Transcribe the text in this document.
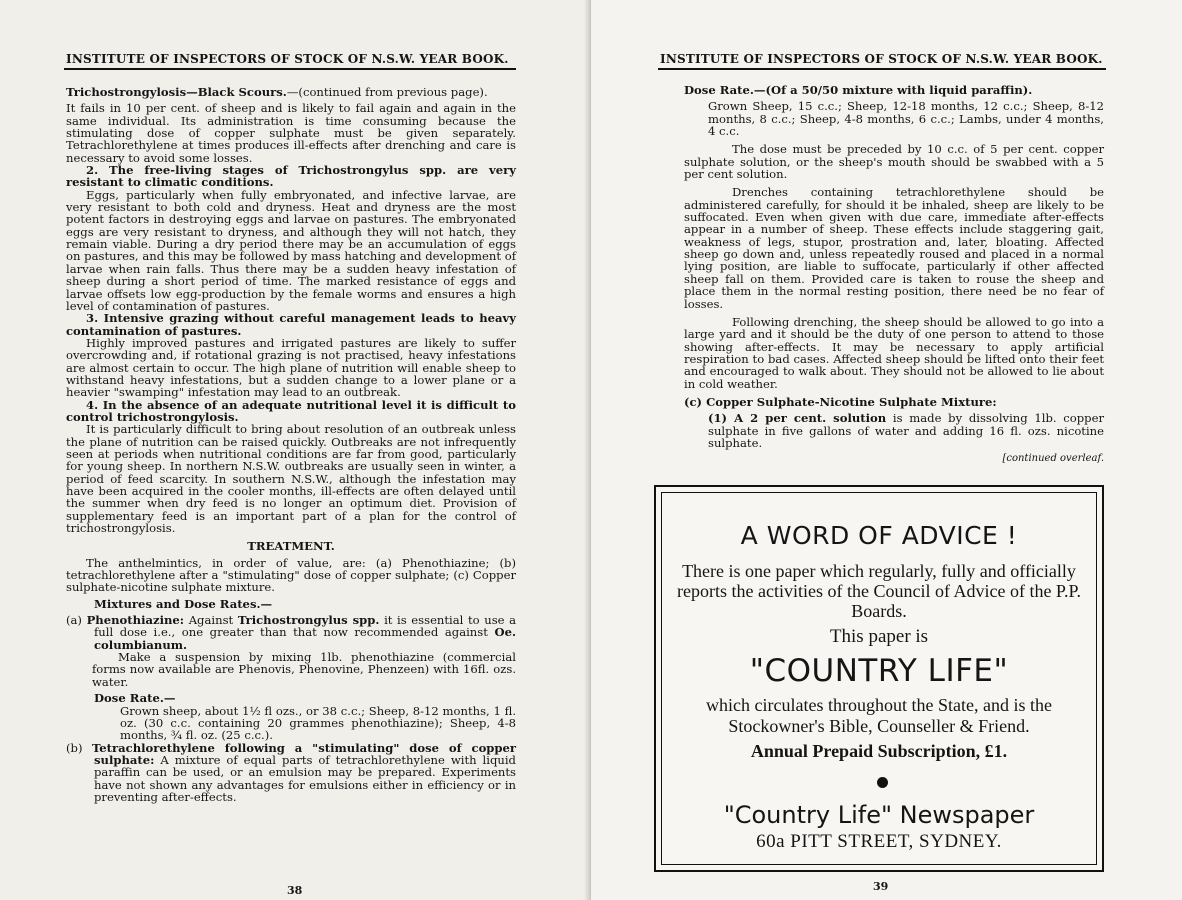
INSTITUTE OF INSPECTORS OF STOCK OF N.S.W. YEAR BOOK.

Trichostrongylosis—Black Scours.—(continued from previous page).

It fails in 10 per cent. of sheep and is likely to fail again and again in the same individual. Its administration is time consuming because the stimulating dose of copper sulphate must be given separately. Tetrachlorethylene at times produces ill-effects after drenching and care is necessary to avoid some losses.

2. The free-living stages of Trichostrongylus spp. are very resistant to climatic conditions.

Eggs, particularly when fully embryonated, and infective larvae, are very resistant to both cold and dryness. Heat and dryness are the most potent factors in destroying eggs and larvae on pastures. The embryonated eggs are very resistant to dryness, and although they will not hatch, they remain viable. During a dry period there may be an accumulation of eggs on pastures, and this may be followed by mass hatching and development of larvae when rain falls. Thus there may be a sudden heavy infestation of sheep during a short period of time. The marked resistance of eggs and larvae offsets low egg-production by the female worms and ensures a high level of contamination of pastures.

3. Intensive grazing without careful management leads to heavy contamination of pastures.

Highly improved pastures and irrigated pastures are likely to suffer overcrowding and, if rotational grazing is not practised, heavy infestations are almost certain to occur. The high plane of nutrition will enable sheep to withstand heavy infestations, but a sudden change to a lower plane or a heavier "swamping" infestation may lead to an outbreak.

4. In the absence of an adequate nutritional level it is difficult to control trichostrongylosis.

It is particularly difficult to bring about resolution of an outbreak unless the plane of nutrition can be raised quickly. Outbreaks are not infrequently seen at periods when nutritional conditions are far from good, particularly for young sheep. In northern N.S.W. outbreaks are usually seen in winter, a period of feed scarcity. In southern N.S.W., although the infestation may have been acquired in the cooler months, ill-effects are often delayed until the summer when dry feed is no longer an optimum diet. Provision of supplementary feed is an important part of a plan for the control of trichostrongylosis.

TREATMENT.

The anthelmintics, in order of value, are: (a) Phenothiazine; (b) tetrachlorethylene after a "stimulating" dose of copper sulphate; (c) Copper sulphate-nicotine sulphate mixture.

Mixtures and Dose Rates.—

(a) Phenothiazine: Against Trichostrongylus spp. it is essential to use a full dose i.e., one greater than that now recommended against Oe. columbianum.

Make a suspension by mixing 1lb. phenothiazine (commercial forms now available are Phenovis, Phenovine, Phenzeen) with 16fl. ozs. water.

Dose Rate.—

Grown sheep, about 1½ fl ozs., or 38 c.c.; Sheep, 8-12 months, 1 fl. oz. (30 c.c. containing 20 grammes phenothiazine); Sheep, 4-8 months, ¾ fl. oz. (25 c.c.).

(b) Tetrachlorethylene following a "stimulating" dose of copper sulphate: A mixture of equal parts of tetrachlorethylene with liquid paraffin can be used, or an emulsion may be prepared. Experiments have not shown any advantages for emulsions either in efficiency or in preventing after-effects.

38
INSTITUTE OF INSPECTORS OF STOCK OF N.S.W. YEAR BOOK.

Dose Rate.—(Of a 50/50 mixture with liquid paraffin).

Grown Sheep, 15 c.c.; Sheep, 12-18 months, 12 c.c.; Sheep, 8-12 months, 8 c.c.; Sheep, 4-8 months, 6 c.c.; Lambs, under 4 months, 4 c.c.

The dose must be preceded by 10 c.c. of 5 per cent. copper sulphate solution, or the sheep's mouth should be swabbed with a 5 per cent solution.

Drenches containing tetrachlorethylene should be administered carefully, for should it be inhaled, sheep are likely to be suffocated. Even when given with due care, immediate after-effects appear in a number of sheep. These effects include staggering gait, weakness of legs, stupor, prostration and, later, bloating. Affected sheep go down and, unless repeatedly roused and placed in a normal lying position, are liable to suffocate, particularly if other affected sheep fall on them. Provided care is taken to rouse the sheep and place them in the normal resting position, there need be no fear of losses.

Following drenching, the sheep should be allowed to go into a large yard and it should be the duty of one person to attend to those showing after-effects. It may be necessary to apply artificial respiration to bad cases. Affected sheep should be lifted onto their feet and encouraged to walk about. They should not be allowed to lie about in cold weather.

(c) Copper Sulphate-Nicotine Sulphate Mixture:

(1) A 2 per cent. solution is made by dissolving 1lb. copper sulphate in five gallons of water and adding 16 fl. ozs. nicotine sulphate.

[continued overleaf.

A WORD OF ADVICE !
There is one paper which regularly, fully and officially reports the activities of the Council of Advice of the P.P. Boards.
This paper is
"COUNTRY LIFE"
which circulates throughout the State, and is the Stockowner's Bible, Counseller & Friend.
Annual Prepaid Subscription, £1.
"Country Life" Newspaper
60a PITT STREET, SYDNEY.
39
